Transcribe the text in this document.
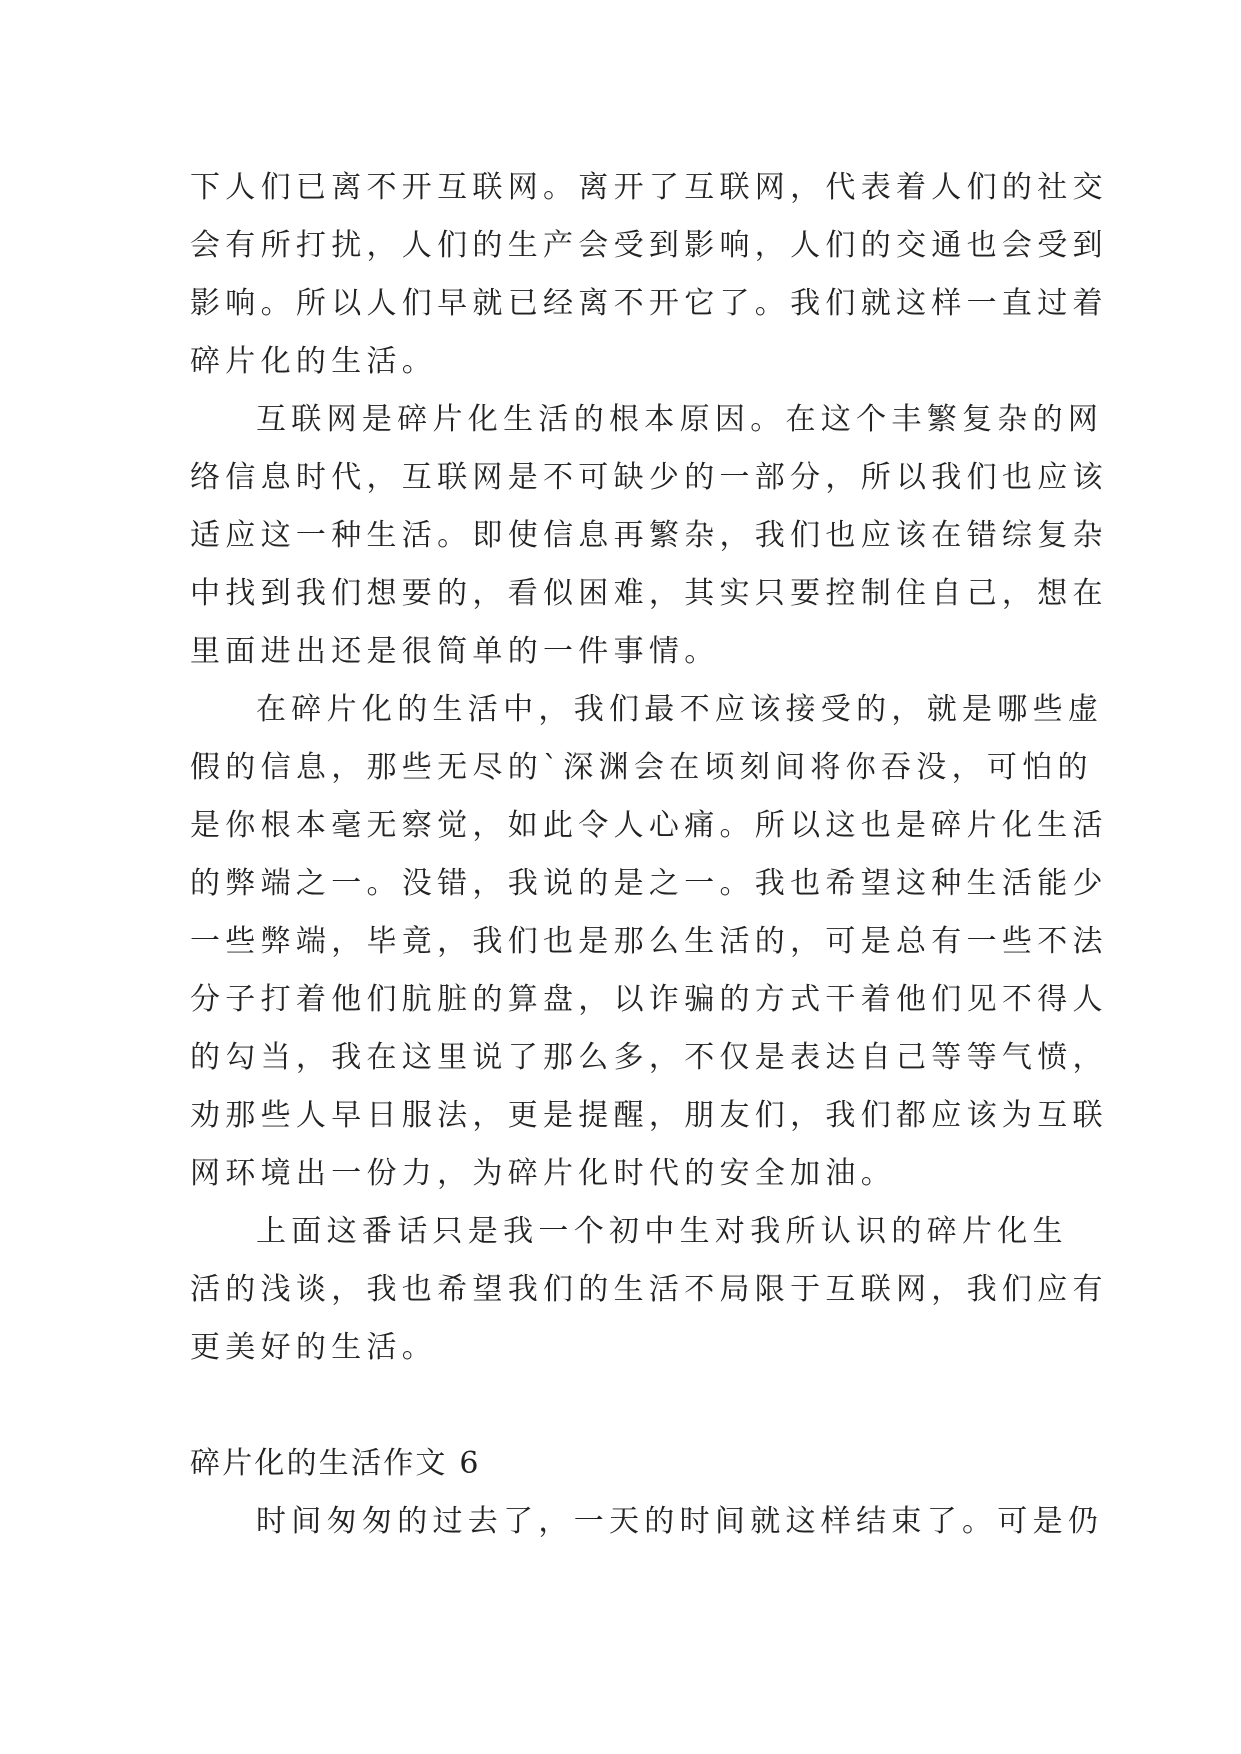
下人们已离不开互联网。离开了互联网，代表着人们的社交
会有所打扰，人们的生产会受到影响，人们的交通也会受到
影响。所以人们早就已经离不开它了。我们就这样一直过着
碎片化的生活。
互联网是碎片化生活的根本原因。在这个丰繁复杂的网
络信息时代，互联网是不可缺少的一部分，所以我们也应该
适应这一种生活。即使信息再繁杂，我们也应该在错综复杂
中找到我们想要的，看似困难，其实只要控制住自己，想在
里面进出还是很简单的一件事情。
在碎片化的生活中，我们最不应该接受的，就是哪些虚
假的信息，那些无尽的`深渊会在顷刻间将你吞没，可怕的
是你根本毫无察觉，如此令人心痛。所以这也是碎片化生活
的弊端之一。没错，我说的是之一。我也希望这种生活能少
一些弊端，毕竟，我们也是那么生活的，可是总有一些不法
分子打着他们肮脏的算盘，以诈骗的方式干着他们见不得人
的勾当，我在这里说了那么多，不仅是表达自己等等气愤，
劝那些人早日服法，更是提醒，朋友们，我们都应该为互联
网环境出一份力，为碎片化时代的安全加油。
上面这番话只是我一个初中生对我所认识的碎片化生
活的浅谈，我也希望我们的生活不局限于互联网，我们应有
更美好的生活。
碎片化的生活作文 6
时间匆匆的过去了，一天的时间就这样结束了。可是仍
